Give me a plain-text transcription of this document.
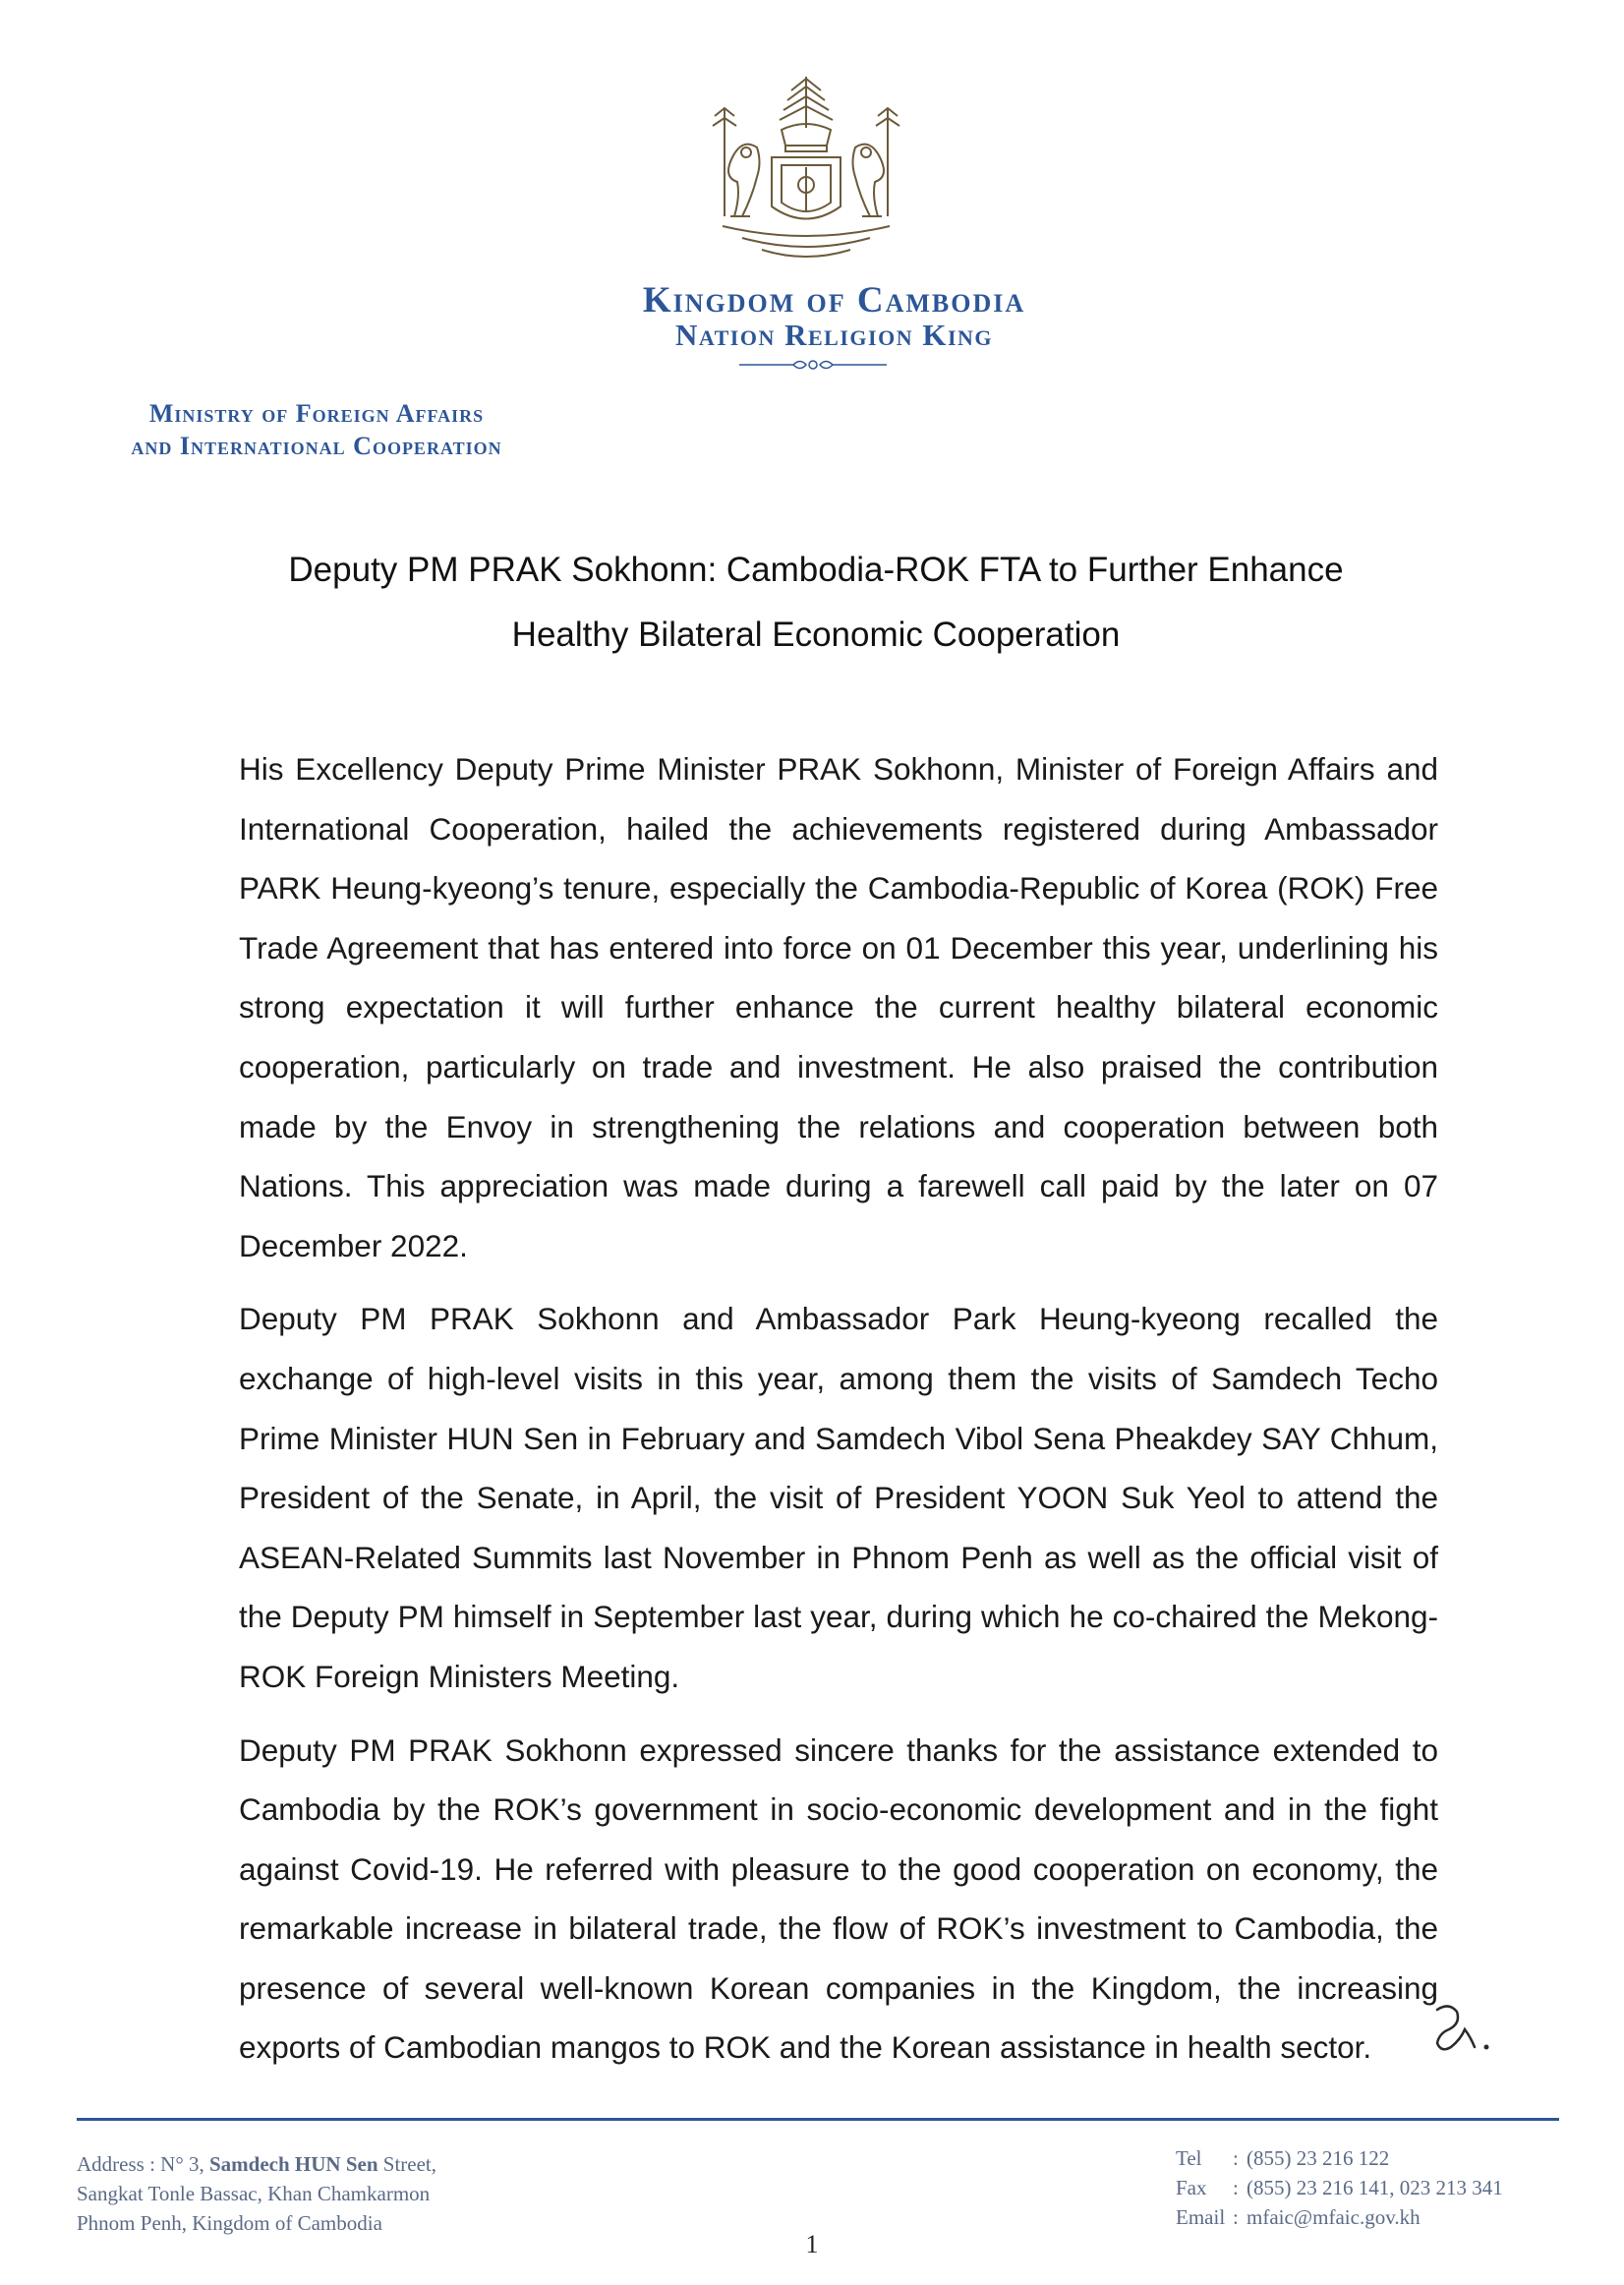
Kingdom of Cambodia
Nation Religion King
Ministry of Foreign Affairs
and International Cooperation
Deputy PM PRAK Sokhonn: Cambodia-ROK FTA to Further Enhance
Healthy Bilateral Economic Cooperation

His Excellency Deputy Prime Minister PRAK Sokhonn, Minister of Foreign Affairs and International Cooperation, hailed the achievements registered during Ambassador PARK Heung-kyeong’s tenure, especially the Cambodia-Republic of Korea (ROK) Free Trade Agreement that has entered into force on 01 December this year, underlining his strong expectation it will further enhance the current healthy bilateral economic cooperation, particularly on trade and investment. He also praised the contribution made by the Envoy in strengthening the relations and cooperation between both Nations. This appreciation was made during a farewell call paid by the later on 07 December 2022.

Deputy PM PRAK Sokhonn and Ambassador Park Heung-kyeong recalled the exchange of high-level visits in this year, among them the visits of Samdech Techo Prime Minister HUN Sen in February and Samdech Vibol Sena Pheakdey SAY Chhum, President of the Senate, in April, the visit of President YOON Suk Yeol to attend the ASEAN-Related Summits last November in Phnom Penh as well as the official visit of the Deputy PM himself in September last year, during which he co-chaired the Mekong-ROK Foreign Ministers Meeting.

Deputy PM PRAK Sokhonn expressed sincere thanks for the assistance extended to Cambodia by the ROK’s government in socio-economic development and in the fight against Covid-19. He referred with pleasure to the good cooperation on economy, the remarkable increase in bilateral trade, the flow of ROK’s investment to Cambodia, the presence of several well-known Korean companies in the Kingdom, the increasing exports of Cambodian mangos to ROK and the Korean assistance in health sector.

Address : N° 3, Samdech HUN Sen Street,
Sangkat Tonle Bassac, Khan Chamkarmon
Phnom Penh, Kingdom of Cambodia
Tel	: (855) 23 216 122
Fax	: (855) 23 216 141, 023 213 341
Email : mfaic@mfaic.gov.kh
1
